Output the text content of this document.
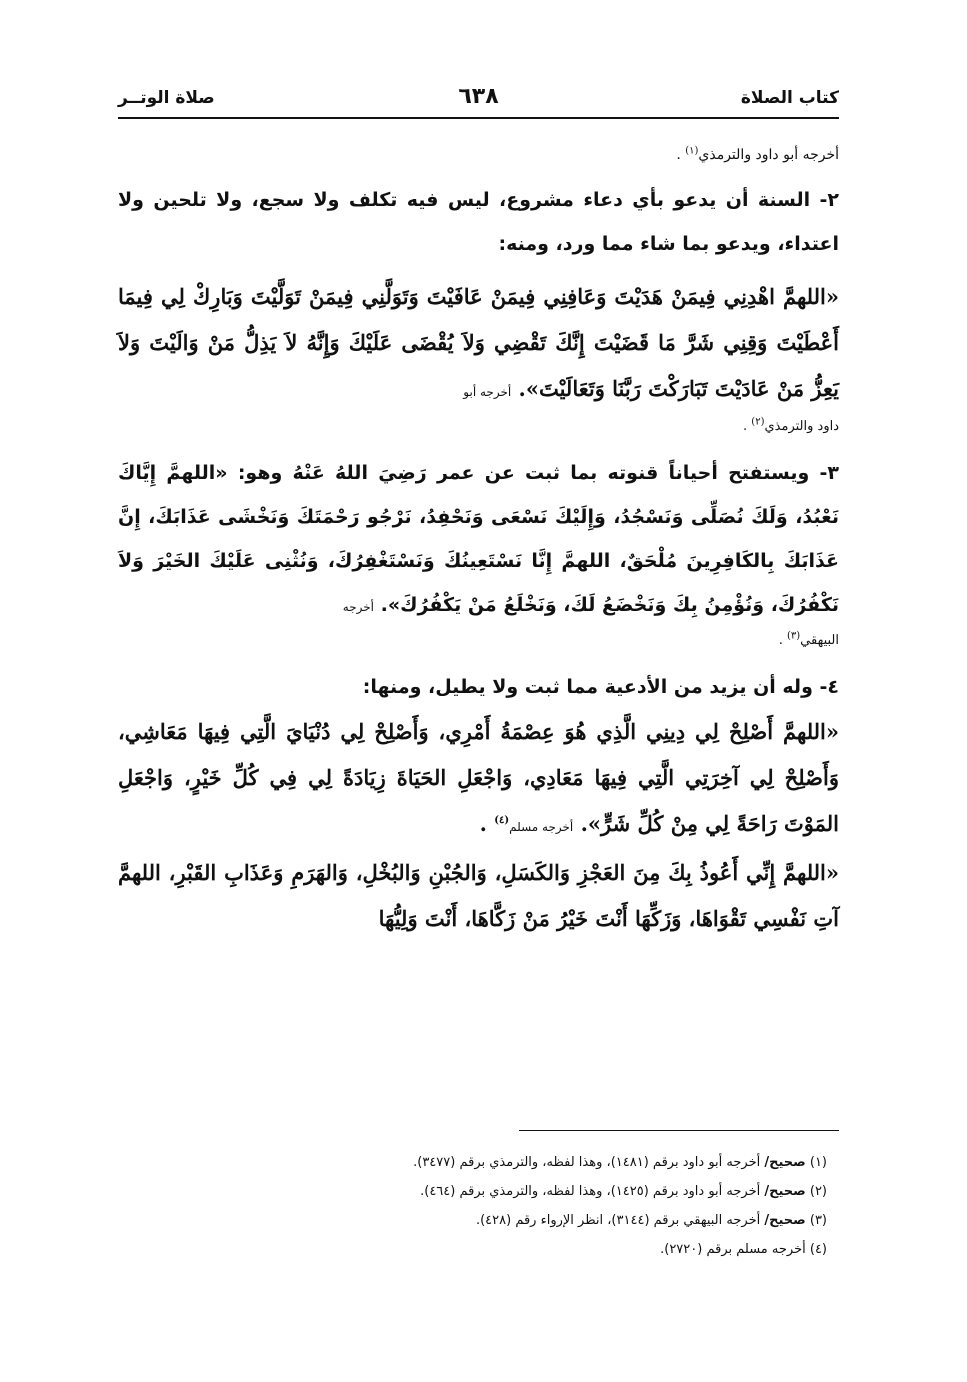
كتاب الصلاة
٦٣٨
صلاة الوتــر

أخرجه أبو داود والترمذي$^{(١)}$ .

٢- السنة أن يدعو بأي دعاء مشروع، ليس فيه تكلف ولا سجع، ولا تلحين ولا اعتداء، ويدعو بما شاء مما ورد، ومنه:

«اللهمَّ اهْدِنِي فِيمَنْ هَدَيْتَ وَعَافِنِي فِيمَنْ عَافَيْتَ وَتَوَلَّنِي فِيمَنْ تَوَلَّيْتَ وَبَارِكْ لِي فِيمَا أَعْطَيْتَ وَقِنِي شَرَّ مَا قَضَيْتَ إِنَّكَ تَقْضِي وَلاَ يُقْضَى عَلَيْكَ وَإِنَّهُ لاَ يَذِلُّ مَنْ وَالَيْتَ وَلاَ يَعِزُّ مَنْ عَادَيْتَ تَبَارَكْتَ رَبَّنَا وَتَعَالَيْتَ». أخرجه أبو

داود والترمذي$^{(٢)}$ .

٣- ويستفتح أحياناً قنوته بما ثبت عن عمر رَضِيَ اللهُ عَنْهُ وهو: «اللهمَّ إِيَّاكَ نَعْبُدُ، وَلَكَ نُصَلِّى وَنَسْجُدُ، وَإِلَيْكَ نَسْعَى وَنَحْفِدُ، نَرْجُو رَحْمَتَكَ وَنَخْشَى عَذَابَكَ، إِنَّ عَذَابَكَ بِالكَافِرِينَ مُلْحَقٌ، اللهمَّ إِنَّا نَسْتَعِينُكَ وَنَسْتَغْفِرُكَ، وَنُثْنِى عَلَيْكَ الخَيْرَ وَلاَ نَكْفُرُكَ، وَنُؤْمِنُ بِكَ وَنَخْضَعُ لَكَ، وَنَخْلَعُ مَنْ يَكْفُرُكَ». أخرجه

البيهقي$^{(٣)}$ .

٤- وله أن يزيد من الأدعية مما ثبت ولا يطيل، ومنها:

«اللهمَّ أَصْلِحْ لِي دِينِي الَّذِي هُوَ عِصْمَةُ أَمْرِي، وَأَصْلِحْ لِي دُنْيَايَ الَّتِي فِيهَا مَعَاشِي، وَأَصْلِحْ لِي آخِرَتِي الَّتِي فِيهَا مَعَادِي، وَاجْعَلِ الحَيَاةَ زِيَادَةً لِي فِي كُلِّ خَيْرٍ، وَاجْعَلِ المَوْتَ رَاحَةً لِي مِنْ كُلِّ شَرٍّ». أخرجه مسلم$^{(٤)}$ .

«اللهمَّ إِنِّي أَعُوذُ بِكَ مِنَ العَجْزِ وَالكَسَلِ، وَالجُبْنِ وَالبُخْلِ، وَالهَرَمِ وَعَذَابِ القَبْرِ، اللهمَّ آتِ نَفْسِي تَقْوَاهَا، وَزَكِّهَا أَنْتَ خَيْرُ مَنْ زَكَّاهَا، أَنْتَ وَلِيُّهَا

(١) صحيح/ أخرجه أبو داود برقم (١٤٨١)، وهذا لفظه، والترمذي برقم (٣٤٧٧).

(٢) صحيح/ أخرجه أبو داود برقم (١٤٢٥)، وهذا لفظه، والترمذي برقم (٤٦٤).

(٣) صحيح/ أخرجه البيهقي برقم (٣١٤٤)، انظر الإرواء رقم (٤٢٨).

(٤) أخرجه مسلم برقم (٢٧٢٠).
